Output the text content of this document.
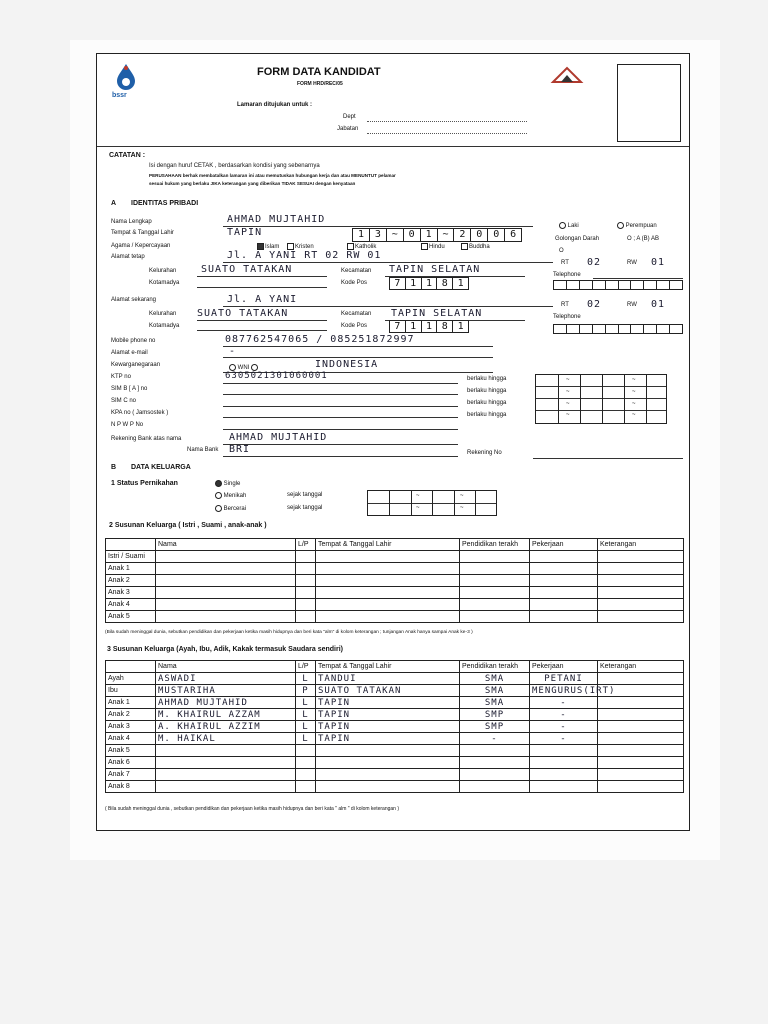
bssr
FORM DATA KANDIDAT
FORM HRD/REC/05
Lamaran ditujukan untuk :
Dept
Jabatan
CATATAN :
Isi dengan huruf CETAK , berdasarkan kondisi yang sebenarnya
PERUSAHAAN berhak membatalkan lamaran ini atau memutuskan hubungan kerja dan atau MENUNTUT pelamar
sesuai hukum yang berlaku JIKA keterangan yang diberikan TIDAK SESUAI dengan kenyataan
A IDENTITAS PRIBADI
Nama Lengkap	AHMAD MUJTAHID
Tempat & Tanggal Lahir	TAPIN	1	3	~	0	1	~	2	0	0	6
Agama / Kepercayaan	Islam	Kristen	Katholik	Hindu	Buddha
Alamat tetap	Jl. A YANI RT 02 RW 01
Kelurahan SUATO TATAKAN	Kecamatan TAPIN SELATAN
Kotamadya	Kode Pos	7 1 1 8 1
Laki	Perempuan
Golongan Darah	O ; A (B) AB
O
RT 02	RW 01
Telephone
Alamat sekarang	Jl. A YANI
Kelurahan SUATO TATAKAN	Kecamatan TAPIN SELATAN
Kotamadya	Kode Pos	7 1 1 8 1
RT 02	RW 01
Telephone
Mobile phone no	087762547065 / 085251872997
Alamat e-mail	-
Kewarganegaraan
WNI	INDONESIA
KTP no	6305021301060001
SIM B [ A ] no
SIM C no
KPA no ( Jamsostek )
N P W P No
berlaku hingga
berlaku hingga
berlaku hingga
berlaku hingga
~	~
~	~
~	~
~	~
Rekening Bank atas nama	AHMAD MUJTAHID
Nama Bank BRI	Rekening No
B DATA KELUARGA
1 Status Pernikahan	Single
Menikah	sejak tanggal
Bercerai	sejak tanggal
~	~
~	~
2 Susunan Keluarga ( Istri , Suami , anak-anak )
	Nama	L/P	Tempat & Tanggal Lahir	Pendidikan terakh	Pekerjaan	Keterangan
Istri / Suami						
Anak 1						
Anak 2						
Anak 3						
Anak 4						
Anak 5						
(Bila sudah meninggal dunia, sebutkan pendidikan dan pekerjaan ketika masih hidupnya dan beri kata "alm" di kolom keterangan ; tunjangan Anak hanya sampai Anak ke-3 )
3 Susunan Keluarga (Ayah, Ibu, Adik, Kakak termasuk Saudara sendiri)
	Nama	L/P	Tempat & Tanggal Lahir	Pendidikan terakh	Pekerjaan	Keterangan
Ayah	ASWADI	L	TANDUI	SMA	PETANI	
Ibu	MUSTARIHA	P	SUATO TATAKAN	SMA	MENGURUS(IRT)	
Anak 1	AHMAD MUJTAHID	L	TAPIN	SMA	-	
Anak 2	M. KHAIRUL AZZAM	L	TAPIN	SMP	-	
Anak 3	A. KHAIRUL AZZIM	L	TAPIN	SMP	-	
Anak 4	M. HAIKAL	L	TAPIN	-	-	
Anak 5						
Anak 6						
Anak 7						
Anak 8						
( Bila sudah meninggal dunia , sebutkan pendidikan dan pekerjaan ketika masih hidupnya dan beri kata " alm " di kolom keterangan )
